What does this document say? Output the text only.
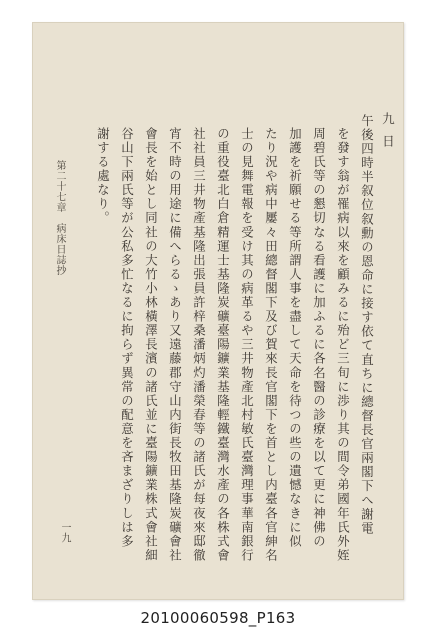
第二十七章　病床日誌抄
一九
謝する處なり。 谷山下兩氏等が公私多忙なるに拘らず異常の配意を吝まざりしは多 會長を始とし同社の大竹小林橫澤長濱の諸氏並に臺陽鑛業株式會社細 宵不時の用途に備へらるゝあり又遠藤郡守山内街長牧田基隆炭礦會社 社社員三井物產基隆出張員許梓桑潘炳灼潘榮春等の諸氏が每夜來邸徹 の重役臺北白倉精運士基隆炭礦臺陽鑛業基隆輕鐵臺灣水產の各株式會 士の見舞電報を受け其の病革るや三井物產北村敏氏臺灣理事華南銀行 たり況や病中屢々田總督閣下及び賀來長官閣下を首とし内臺各官紳名 加護を祈願せる等所謂人事を盡して天命を待つの些の遺憾なきに似 周碧氏等の懇切なる看護に加ふるに各名醫の診療を以て更に神佛の を發す翁が罹病以來を顧みるに殆ど三旬に渉り其の間令弟國年氏外姪 午後四時半叙位叙勳の恩命に接す依て直ちに總督長官兩閣下へ謝電 九日
20100060598_P163
